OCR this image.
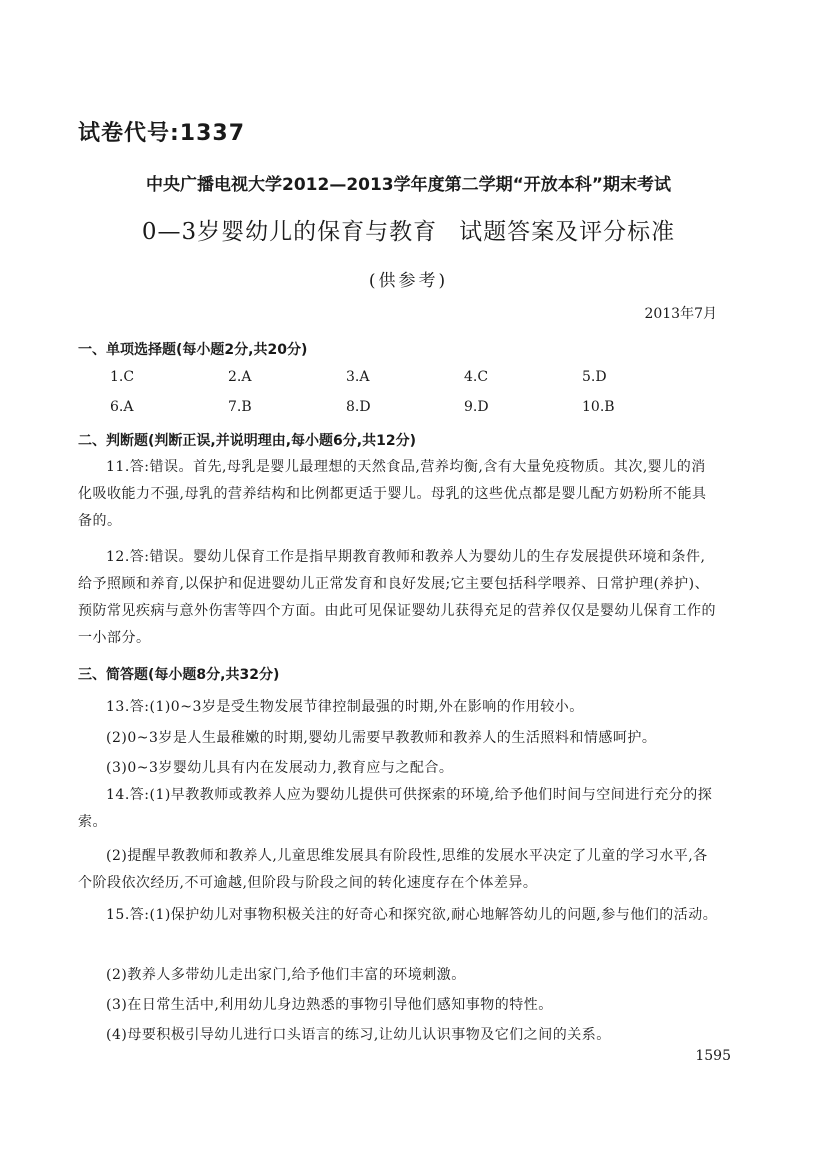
试卷代号:1337
中央广播电视大学2012—2013学年度第二学期“开放本科”期末考试
0—3岁婴幼儿的保育与教育 试题答案及评分标准
(供参考)
2013年7月
一、单项选择题(每小题2分,共20分)
1.C	2.A	3.A	4.C	5.D
6.A	7.B	8.D	9.D	10.B
二、判断题(判断正误,并说明理由,每小题6分,共12分)
11.答:错误。首先,母乳是婴儿最理想的天然食品,营养均衡,含有大量免疫物质。其次,婴儿的消化吸收能力不强,母乳的营养结构和比例都更适于婴儿。母乳的这些优点都是婴儿配方奶粉所不能具备的。
12.答:错误。婴幼儿保育工作是指早期教育教师和教养人为婴幼儿的生存发展提供环境和条件,给予照顾和养育,以保护和促进婴幼儿正常发育和良好发展;它主要包括科学喂养、日常护理(养护)、预防常见疾病与意外伤害等四个方面。由此可见保证婴幼儿获得充足的营养仅仅是婴幼儿保育工作的一小部分。
三、简答题(每小题8分,共32分)
13.答:(1)0~3岁是受生物发展节律控制最强的时期,外在影响的作用较小。
(2)0~3岁是人生最稚嫩的时期,婴幼儿需要早教教师和教养人的生活照料和情感呵护。
(3)0~3岁婴幼儿具有内在发展动力,教育应与之配合。
14.答:(1)早教教师或教养人应为婴幼儿提供可供探索的环境,给予他们时间与空间进行充分的探索。
(2)提醒早教教师和教养人,儿童思维发展具有阶段性,思维的发展水平决定了儿童的学习水平,各个阶段依次经历,不可逾越,但阶段与阶段之间的转化速度存在个体差异。
15.答:(1)保护幼儿对事物积极关注的好奇心和探究欲,耐心地解答幼儿的问题,参与他们的活动。
(2)教养人多带幼儿走出家门,给予他们丰富的环境刺激。
(3)在日常生活中,利用幼儿身边熟悉的事物引导他们感知事物的特性。
(4)母要积极引导幼儿进行口头语言的练习,让幼儿认识事物及它们之间的关系。
1595
